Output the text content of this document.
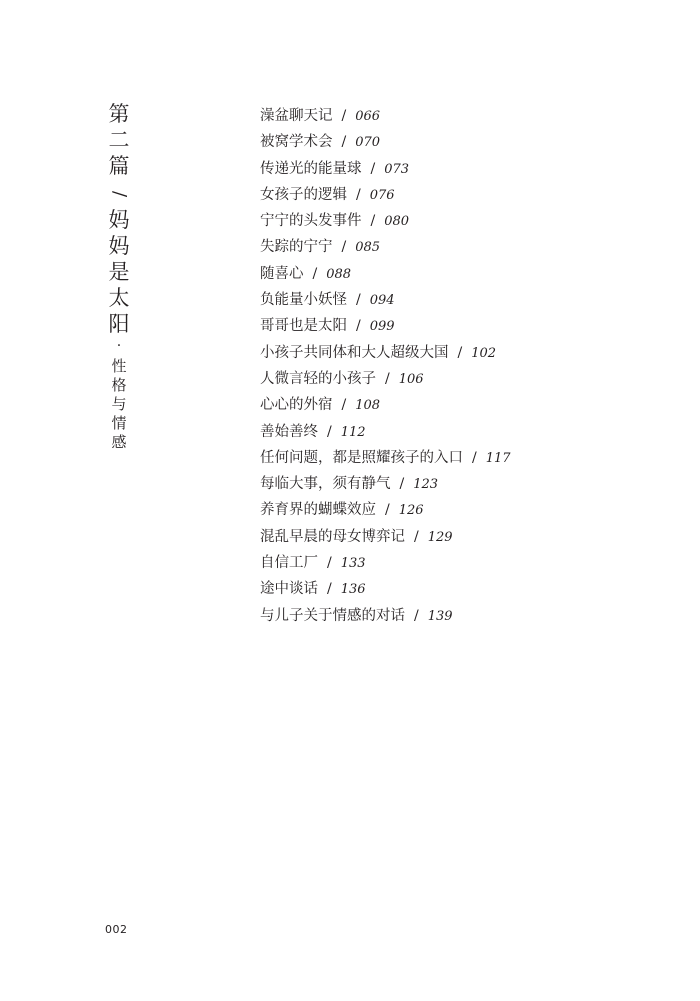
第二篇
/
妈妈是太阳
·
性格与情感
澡盆聊天记 / 066
被窝学术会 / 070
传递光的能量球 / 073
女孩子的逻辑 / 076
宁宁的头发事件 / 080
失踪的宁宁 / 085
随喜心 / 088
负能量小妖怪 / 094
哥哥也是太阳 / 099
小孩子共同体和大人超级大国 / 102
人微言轻的小孩子 / 106
心心的外宿 / 108
善始善终 / 112
任何问题，都是照耀孩子的入口 / 117
每临大事，须有静气 / 123
养育界的蝴蝶效应 / 126
混乱早晨的母女博弈记 / 129
自信工厂 / 133
途中谈话 / 136
与儿子关于情感的对话 / 139
002
